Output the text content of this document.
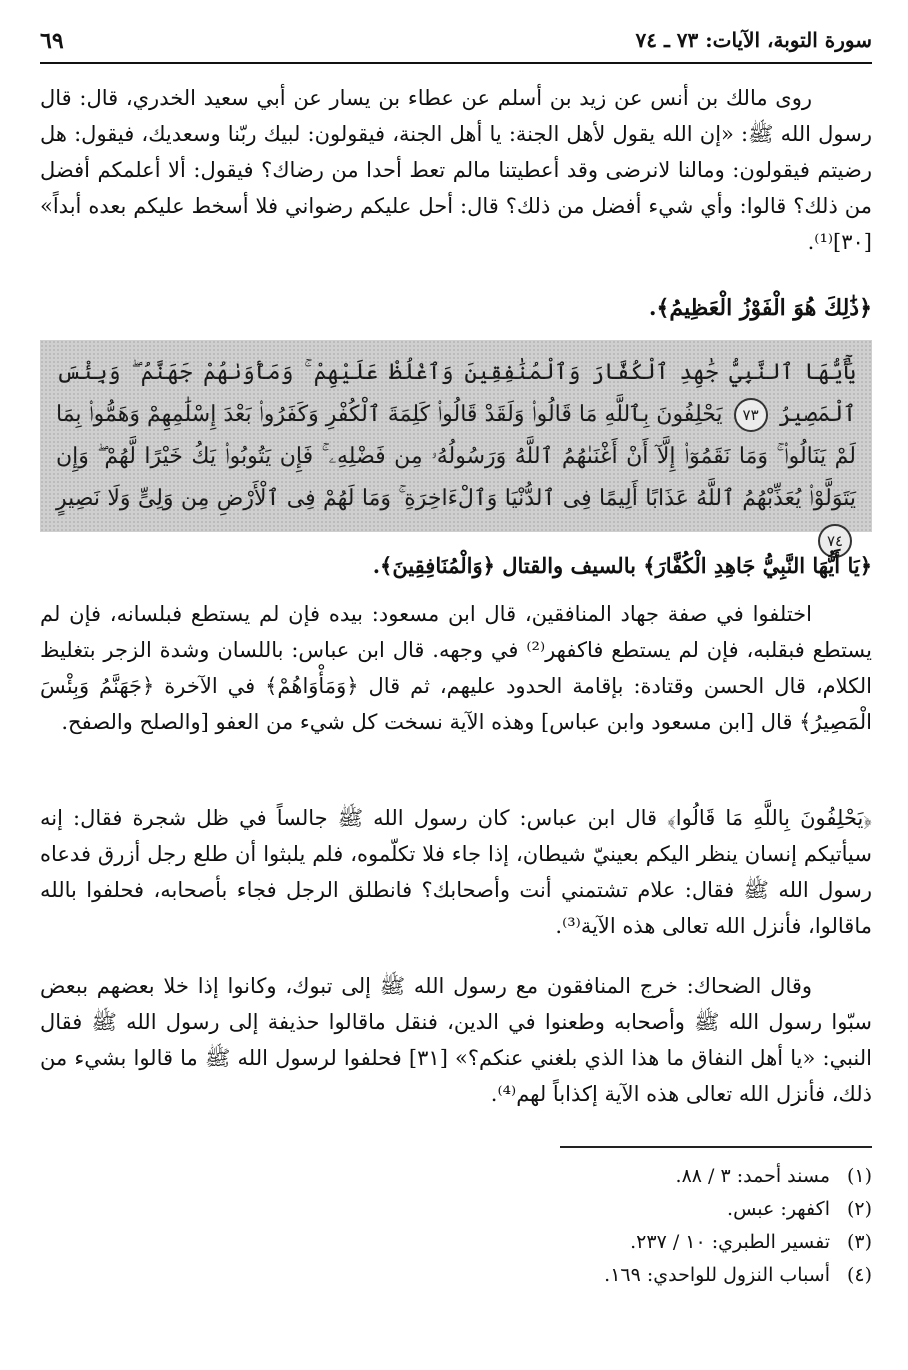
سورة التوبة، الآيات: ٧٣ ـ ٧٤
٦٩
روى مالك بن أنس عن زيد بن أسلم عن عطاء بن يسار عن أبي سعيد الخدري، قال: قال رسول الله ﷺ: «إن الله يقول لأهل الجنة: يا أهل الجنة، فيقولون: لبيك ربّنا وسعديك، فيقول: هل رضيتم فيقولون: ومالنا لانرضى وقد أعطيتنا مالم تعط أحدا من رضاك؟ فيقول: ألا أعلمكم أفضل من ذلك؟ قالوا: وأي شيء أفضل من ذلك؟ قال: أحل عليكم رضواني فلا أسخط عليكم بعده أبداً» [٣٠]⁽¹⁾.
﴿ذَٰلِكَ هُوَ الْفَوْزُ الْعَظِيمُ﴾.
يَٰٓأَيُّهَا ٱلنَّبِيُّ جَٰهِدِ ٱلْكُفَّارَ وَٱلْمُنَٰفِقِينَ وَٱغْلُظْ عَلَيْهِمْ ۚ وَمَأْوَىٰهُمْ جَهَنَّمُ ۖ وَبِئْسَ ٱلْمَصِيرُ ٧٣ يَحْلِفُونَ بِٱللَّهِ مَا قَالُوا۟ وَلَقَدْ قَالُوا۟ كَلِمَةَ ٱلْكُفْرِ وَكَفَرُوا۟ بَعْدَ إِسْلَٰمِهِمْ وَهَمُّوا۟ بِمَا لَمْ يَنَالُوا۟ ۚ وَمَا نَقَمُوٓا۟ إِلَّآ أَنْ أَغْنَىٰهُمُ ٱللَّهُ وَرَسُولُهُۥ مِن فَضْلِهِۦ ۚ فَإِن يَتُوبُوا۟ يَكُ خَيْرًا لَّهُمْ ۖ وَإِن يَتَوَلَّوْا۟ يُعَذِّبْهُمُ ٱللَّهُ عَذَابًا أَلِيمًا فِى ٱلدُّنْيَا وَٱلْءَاخِرَةِ ۚ وَمَا لَهُمْ فِى ٱلْأَرْضِ مِن وَلِىٍّ وَلَا نَصِيرٍ ٧٤
﴿يَا أَيُّهَا النَّبِيُّ جَاهِدِ الْكُفَّارَ﴾ بالسيف والقتال ﴿وَالْمُنَافِقِينَ﴾.
اختلفوا في صفة جهاد المنافقين، قال ابن مسعود: بيده فإن لم يستطع فبلسانه، فإن لم يستطع فبقلبه، فإن لم يستطع فاكفهر⁽²⁾ في وجهه. قال ابن عباس: باللسان وشدة الزجر بتغليظ الكلام، قال الحسن وقتادة: بإقامة الحدود عليهم، ثم قال ﴿وَمَأْوَاهُمْ﴾ في الآخرة ﴿جَهَنَّمُ وَبِئْسَ الْمَصِيرُ﴾ قال [ابن مسعود وابن عباس] وهذه الآية نسخت كل شيء من العفو [والصلح والصفح.
﴿يَحْلِفُونَ بِاللَّهِ مَا قَالُوا﴾ قال ابن عباس: كان رسول الله ﷺ جالساً في ظل شجرة فقال: إنه سيأتيكم إنسان ينظر اليكم بعينيّ شيطان، إذا جاء فلا تكلّموه، فلم يلبثوا أن طلع رجل أزرق فدعاه رسول الله ﷺ فقال: علام تشتمني أنت وأصحابك؟ فانطلق الرجل فجاء بأصحابه، فحلفوا بالله ماقالوا، فأنزل الله تعالى هذه الآية⁽³⁾.
وقال الضحاك: خرج المنافقون مع رسول الله ﷺ إلى تبوك، وكانوا إذا خلا بعضهم ببعض سبّوا رسول الله ﷺ وأصحابه وطعنوا في الدين، فنقل ماقالوا حذيفة إلى رسول الله ﷺ فقال النبي: «يا أهل النفاق ما هذا الذي بلغني عنكم؟» [٣١] فحلفوا لرسول الله ﷺ ما قالوا بشيء من ذلك، فأنزل الله تعالى هذه الآية إكذاباً لهم⁽⁴⁾.
(١)مسند أحمد: ٣ / ٨٨.
(٢)اكفهر: عبس.
(٣)تفسير الطبري: ١٠ / ٢٣٧.
(٤)أسباب النزول للواحدي: ١٦٩.
